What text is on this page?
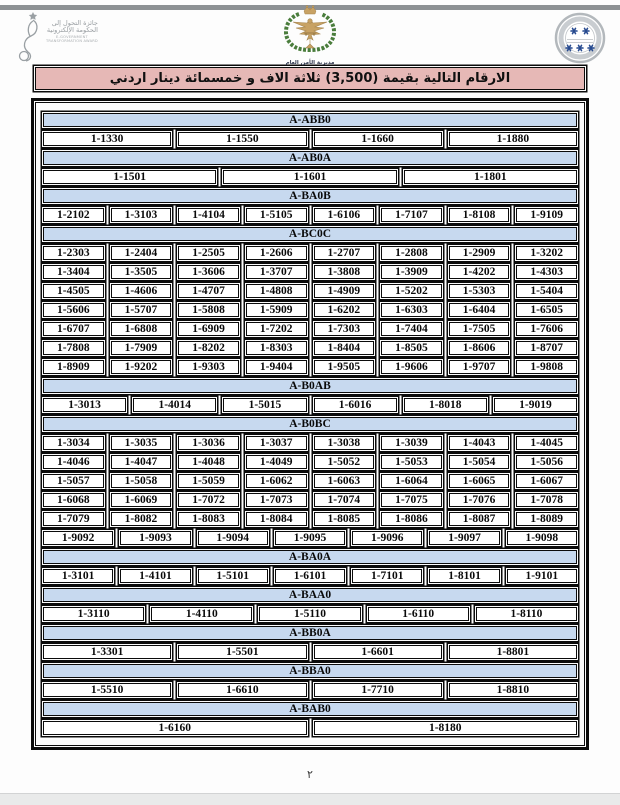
جائزة التحول إلى
الحكومة الإلكترونية
E-GOVERNMENT
TRANSFORMATION AWARD
مديرية الأمن العام
الارقام التالية بقيمة (3,500) ثلاثة الاف و خمسمائة دينار اردني
A-ABB0
1-1330	1-1550	1-1660	1-1880
A-AB0A
1-1501	1-1601	1-1801
A-BA0B
1-2102	1-3103	1-4104	1-5105	1-6106	1-7107	1-8108	1-9109
A-BC0C
1-2303	1-2404	1-2505	1-2606	1-2707	1-2808	1-2909	1-3202
1-3404	1-3505	1-3606	1-3707	1-3808	1-3909	1-4202	1-4303
1-4505	1-4606	1-4707	1-4808	1-4909	1-5202	1-5303	1-5404
1-5606	1-5707	1-5808	1-5909	1-6202	1-6303	1-6404	1-6505
1-6707	1-6808	1-6909	1-7202	1-7303	1-7404	1-7505	1-7606
1-7808	1-7909	1-8202	1-8303	1-8404	1-8505	1-8606	1-8707
1-8909	1-9202	1-9303	1-9404	1-9505	1-9606	1-9707	1-9808
A-B0AB
1-3013	1-4014	1-5015	1-6016	1-8018	1-9019
A-B0BC
1-3034	1-3035	1-3036	1-3037	1-3038	1-3039	1-4043	1-4045
1-4046	1-4047	1-4048	1-4049	1-5052	1-5053	1-5054	1-5056
1-5057	1-5058	1-5059	1-6062	1-6063	1-6064	1-6065	1-6067
1-6068	1-6069	1-7072	1-7073	1-7074	1-7075	1-7076	1-7078
1-7079	1-8082	1-8083	1-8084	1-8085	1-8086	1-8087	1-8089
1-9092	1-9093	1-9094	1-9095	1-9096	1-9097	1-9098
A-BA0A
1-3101	1-4101	1-5101	1-6101	1-7101	1-8101	1-9101
A-BAA0
1-3110	1-4110	1-5110	1-6110	1-8110
A-BB0A
1-3301	1-5501	1-6601	1-8801
A-BBA0
1-5510	1-6610	1-7710	1-8810
A-BAB0
1-6160	1-8180
٢
